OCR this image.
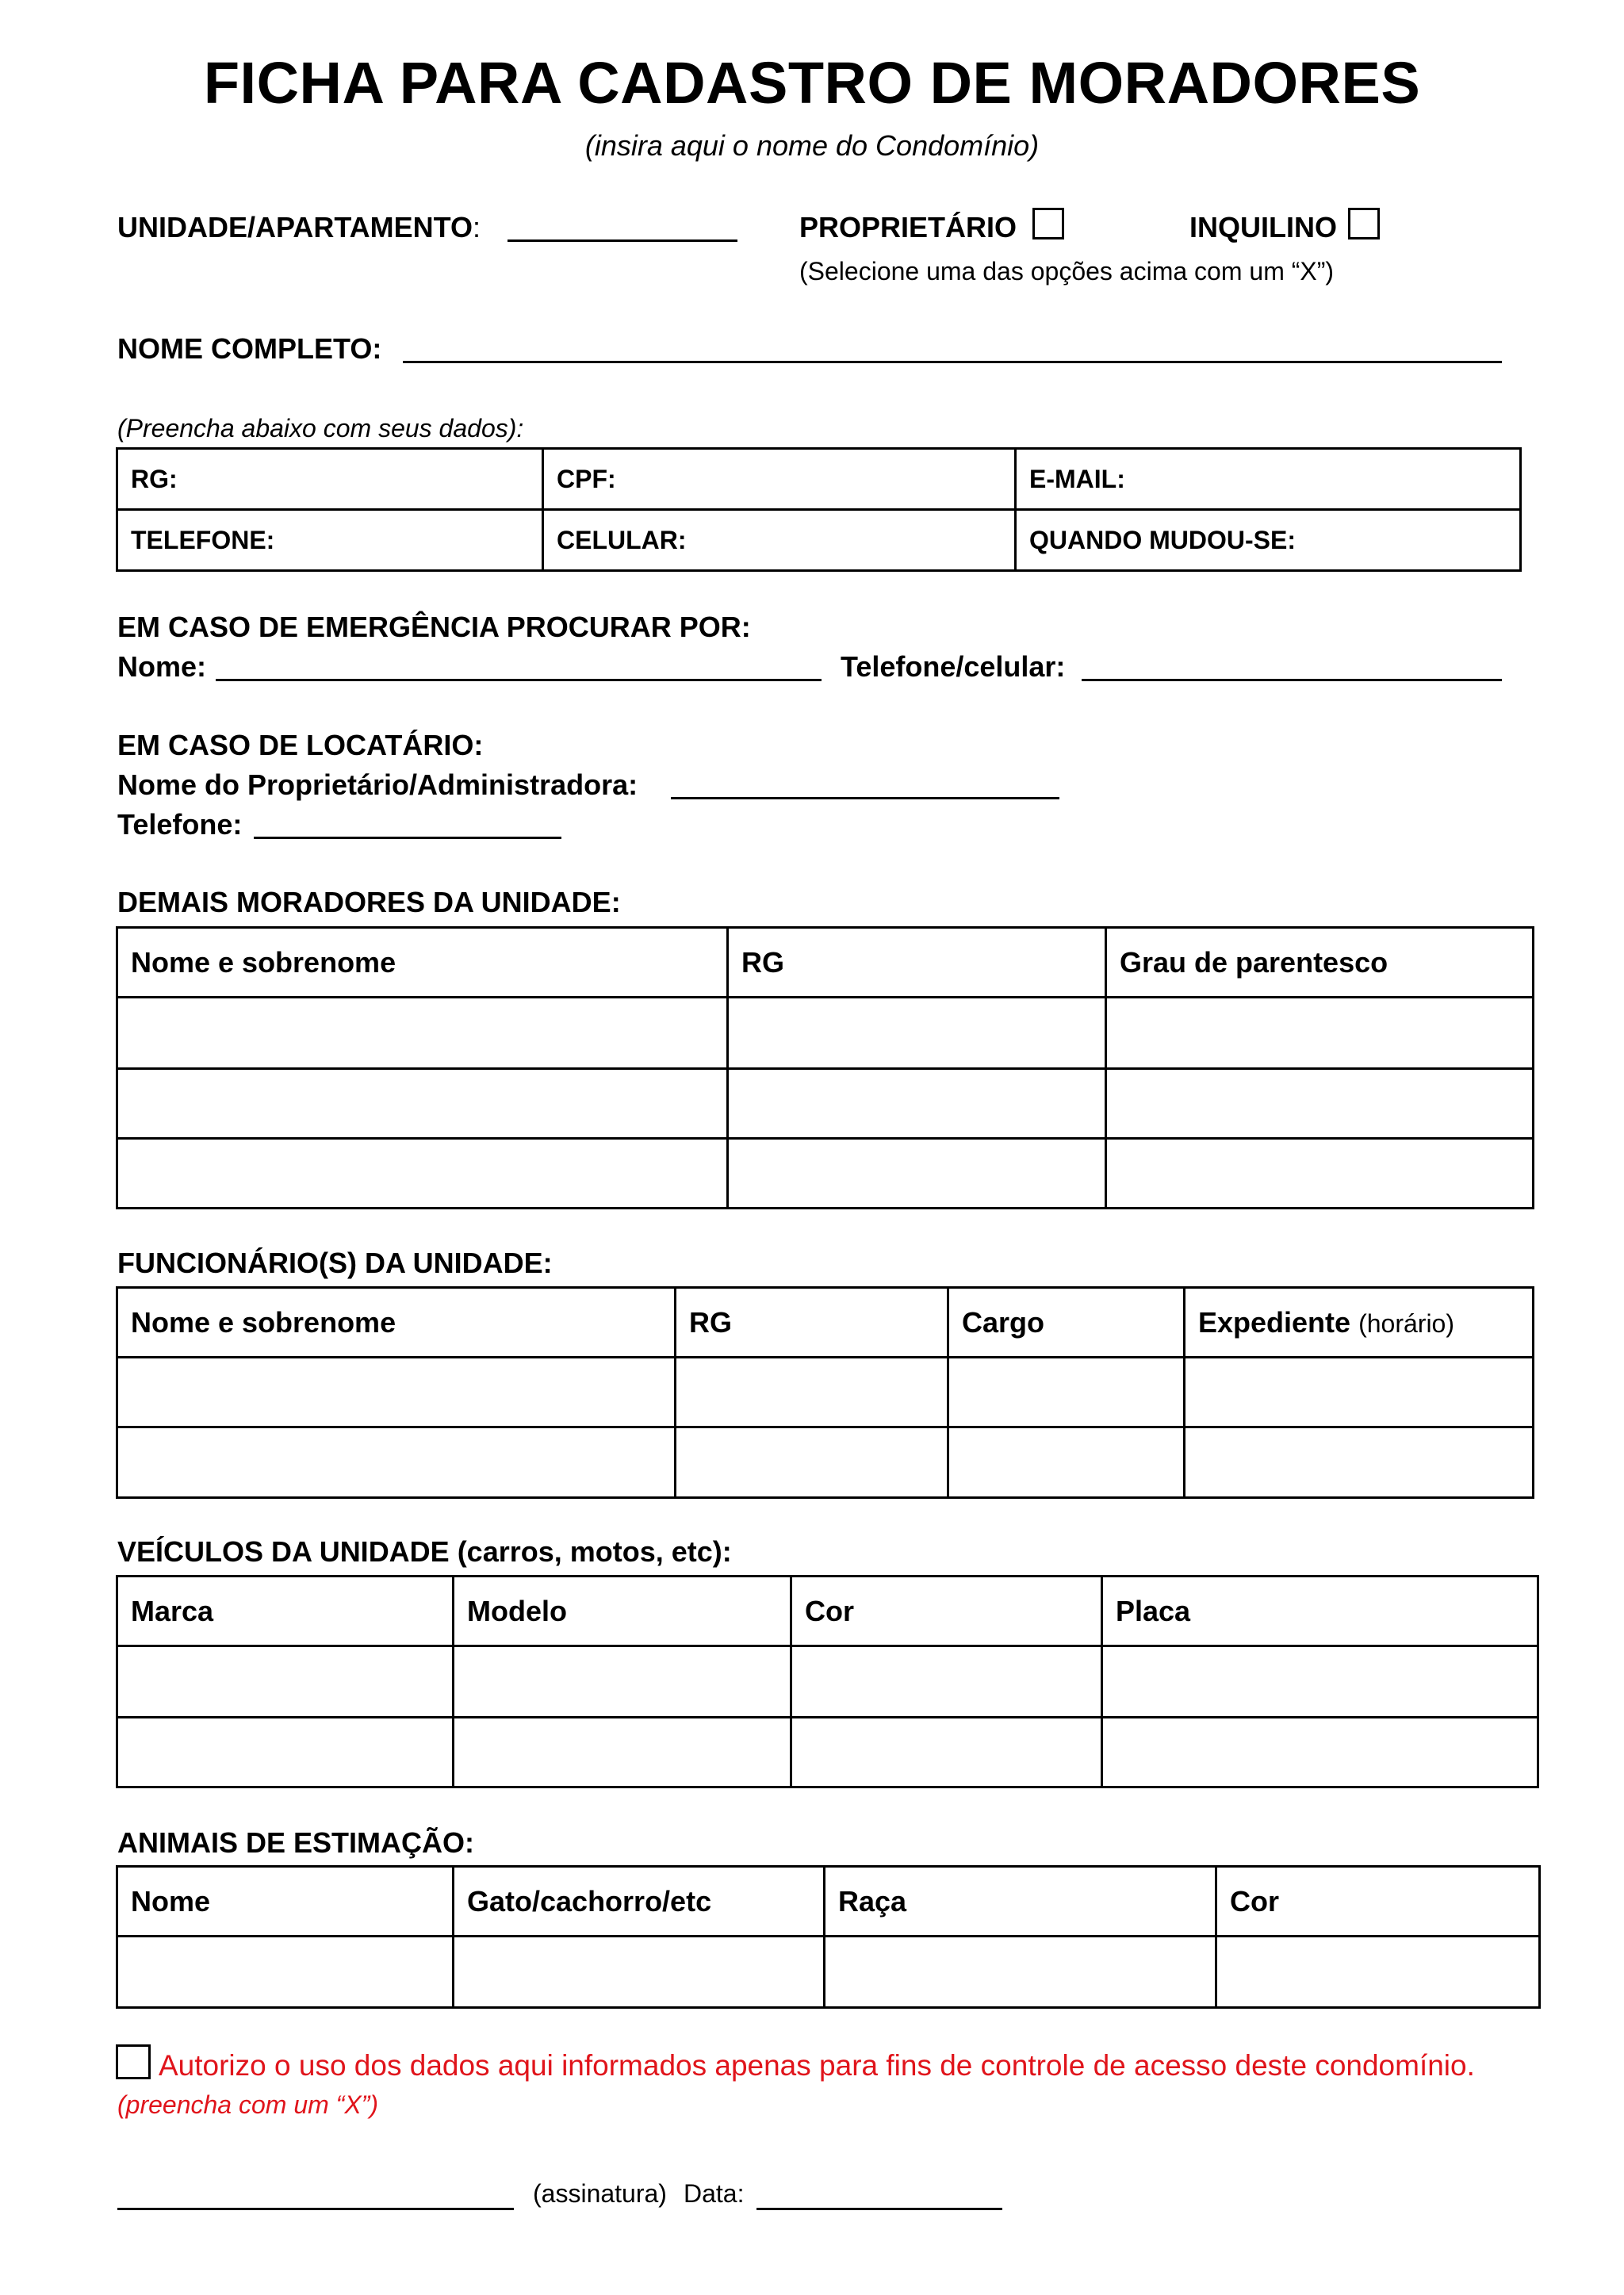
FICHA PARA CADASTRO DE MORADORES
(insira aqui o nome do Condomínio)
UNIDADE/APARTAMENTO:	PROPRIETÁRIO	INQUILINO
(Selecione uma das opções acima com um “X”)
NOME COMPLETO:
(Preencha abaixo com seus dados):
RG:	CPF:	E-MAIL:
TELEFONE:	CELULAR:	QUANDO MUDOU-SE:
EM CASO DE EMERGÊNCIA PROCURAR POR:
Nome:	Telefone/celular:
EM CASO DE LOCATÁRIO:
Nome do Proprietário/Administradora:
Telefone:
DEMAIS MORADORES DA UNIDADE:
Nome e sobrenome	RG	Grau de parentesco

FUNCIONÁRIO(S) DA UNIDADE:
Nome e sobrenome	RG	Cargo	Expediente (horário)

VEÍCULOS DA UNIDADE (carros, motos, etc):
Marca	Modelo	Cor	Placa

ANIMAIS DE ESTIMAÇÃO:
Nome	Gato/cachorro/etc	Raça	Cor

Autorizo o uso dos dados aqui informados apenas para fins de controle de acesso deste condomínio.
(preencha com um “X”)
(assinatura) Data:
